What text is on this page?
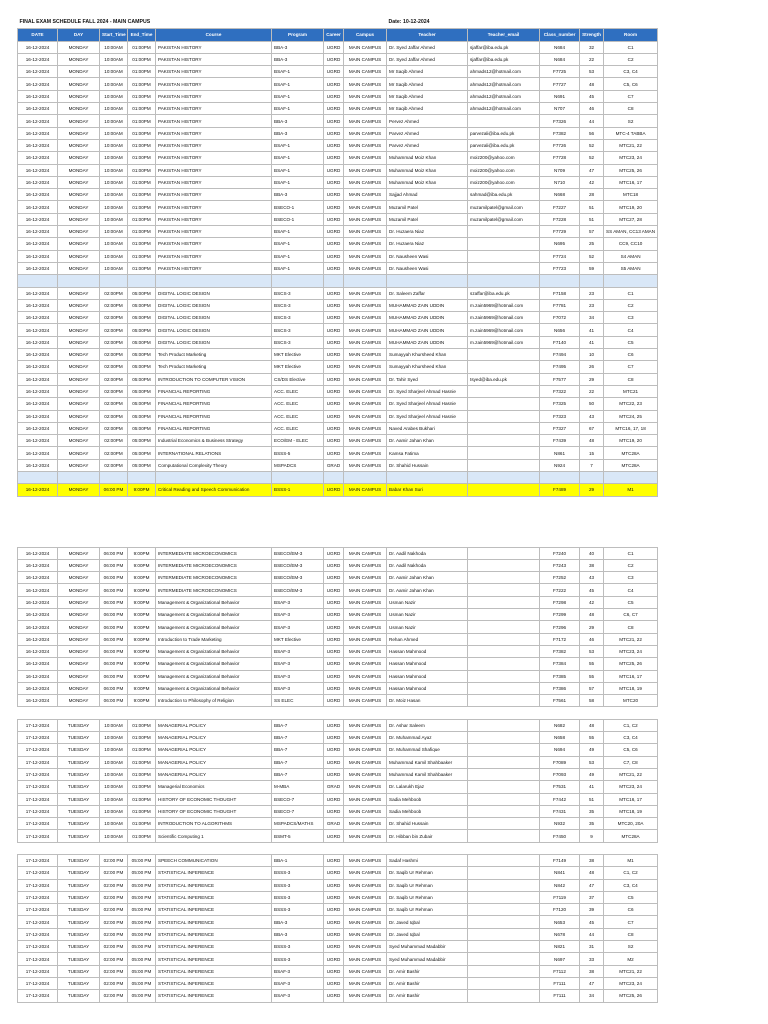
FINAL EXAM SCHEDULE FALL 2024 - MAIN CAMPUS								Date: 10-12-2024				
DATE	DAY	Start_Time	End_Time	Course	Program	Career	Campus	Teacher	Teacher_email	Class_number	Strength	Room
16-12-2024	MONDAY	10:00AM	01:00PM	PAKISTAN HISTORY	BBA-3	UGRD	MAIN CAMPUS	Dr. Syed Jaffar Ahmed	sjaffar@iba.edu.pk	N684	32	C1
16-12-2024	MONDAY	10:00AM	01:00PM	PAKISTAN HISTORY	BBA-3	UGRD	MAIN CAMPUS	Dr. Syed Jaffar Ahmed	sjaffar@iba.edu.pk	N684	22	C2
16-12-2024	MONDAY	10:00AM	01:00PM	PAKISTAN HISTORY	BSAF-1	UGRD	MAIN CAMPUS	Mr Saqib Ahmed	ahmads12@hotmail.com	F7725	53	C3, C4
16-12-2024	MONDAY	10:00AM	01:00PM	PAKISTAN HISTORY	BSAF-1	UGRD	MAIN CAMPUS	Mr Saqib Ahmed	ahmads12@hotmail.com	F7727	48	C5, C6
16-12-2024	MONDAY	10:00AM	01:00PM	PAKISTAN HISTORY	BSAF-1	UGRD	MAIN CAMPUS	Mr Saqib Ahmed	ahmads12@hotmail.com	N691	45	C7
16-12-2024	MONDAY	10:00AM	01:00PM	PAKISTAN HISTORY	BSAF-1	UGRD	MAIN CAMPUS	Mr Saqib Ahmed	ahmads12@hotmail.com	N707	46	C8
16-12-2024	MONDAY	10:00AM	01:00PM	PAKISTAN HISTORY	BBA-3	UGRD	MAIN CAMPUS	Pervez Ahmed		F7326	44	S2
16-12-2024	MONDAY	10:00AM	01:00PM	PAKISTAN HISTORY	BBA-3	UGRD	MAIN CAMPUS	Parvez Ahmed	parvezali@iba.edu.pk	F7382	56	MTC-4 TABBA
16-12-2024	MONDAY	10:00AM	01:00PM	PAKISTAN HISTORY	BSAF-1	UGRD	MAIN CAMPUS	Parvez Ahmed	parvezali@iba.edu.pk	F7726	52	MTC21, 22
16-12-2024	MONDAY	10:00AM	01:00PM	PAKISTAN HISTORY	BSAF-1	UGRD	MAIN CAMPUS	Muhammad Moiz Khan	moiz200@yahoo.com	F7728	52	MTC23, 24
16-12-2024	MONDAY	10:00AM	01:00PM	PAKISTAN HISTORY	BSAF-1	UGRD	MAIN CAMPUS	Muhammad Moiz Khan	moiz200@yahoo.com	N709	47	MTC25, 26
16-12-2024	MONDAY	10:00AM	01:00PM	PAKISTAN HISTORY	BSAF-1	UGRD	MAIN CAMPUS	Muhammad Moiz Khan	moiz200@yahoo.com	N710	42	MTC16, 17
16-12-2024	MONDAY	10:00AM	01:00PM	PAKISTAN HISTORY	BBA-3	UGRD	MAIN CAMPUS	Sajjad Ahmad	sahmad@iba.edu.pk	N668	28	MTC18
16-12-2024	MONDAY	10:00AM	01:00PM	PAKISTAN HISTORY	BSECO-1	UGRD	MAIN CAMPUS	Muzamil Patel	muzamilpatel@gmail.com	F7227	51	MTC19, 20
16-12-2024	MONDAY	10:00AM	01:00PM	PAKISTAN HISTORY	BSECO-1	UGRD	MAIN CAMPUS	Muzamil Patel	muzamilpatel@gmail.com	F7228	51	MTC27, 28
16-12-2024	MONDAY	10:00AM	01:00PM	PAKISTAN HISTORY	BSAF-1	UGRD	MAIN CAMPUS	Dr. Huzaera Niaz		F7729	57	SS AMAN, CC13 AMAN
16-12-2024	MONDAY	10:00AM	01:00PM	PAKISTAN HISTORY	BSAF-1	UGRD	MAIN CAMPUS	Dr. Huzaera Niaz		N695	25	CC9, CC10
16-12-2024	MONDAY	10:00AM	01:00PM	PAKISTAN HISTORY	BSAF-1	UGRD	MAIN CAMPUS	Dr. Nausheen Wasi		F7724	52	S4 AMAN
16-12-2024	MONDAY	10:00AM	01:00PM	PAKISTAN HISTORY	BSAF-1	UGRD	MAIN CAMPUS	Dr. Nausheen Wasi		F7723	59	S5 AMAN

16-12-2024	MONDAY	02:00PM	05:00PM	DIGITAL LOGIC DESIGN	BSCS-3	UGRD	MAIN CAMPUS	Dr. Saleem Zaffar	szaffar@iba.edu.pk	F7158	23	C1
16-12-2024	MONDAY	02:00PM	05:00PM	DIGITAL LOGIC DESIGN	BSCS-3	UGRD	MAIN CAMPUS	MUHAMMAD ZAIN UDDIN	m.zain5969@hotmail.com	F7781	23	C2
16-12-2024	MONDAY	02:00PM	05:00PM	DIGITAL LOGIC DESIGN	BSCS-3	UGRD	MAIN CAMPUS	MUHAMMAD ZAIN UDDIN	m.zain5969@hotmail.com	F7072	34	C3
16-12-2024	MONDAY	02:00PM	05:00PM	DIGITAL LOGIC DESIGN	BSCS-3	UGRD	MAIN CAMPUS	MUHAMMAD ZAIN UDDIN	m.zain5969@hotmail.com	N656	41	C4
16-12-2024	MONDAY	02:00PM	05:00PM	DIGITAL LOGIC DESIGN	BSCS-3	UGRD	MAIN CAMPUS	MUHAMMAD ZAIN UDDIN	m.zain5969@hotmail.com	F7140	41	C5
16-12-2024	MONDAY	02:00PM	05:00PM	Tech Product Marketing	MKT Elective	UGRD	MAIN CAMPUS	Sumayyah Khursheed Khan		F7494	10	C6
16-12-2024	MONDAY	02:00PM	05:00PM	Tech Product Marketing	MKT Elective	UGRD	MAIN CAMPUS	Sumayyah Khursheed Khan		F7495	26	C7
16-12-2024	MONDAY	02:00PM	05:00PM	INTRODUCTION TO COMPUTER VISION	CS/DS Elective	UGRD	MAIN CAMPUS	Dr. Tahir Syed	tsyed@iba.edu.pk	F7577	29	C8
16-12-2024	MONDAY	02:00PM	05:00PM	FINANCIAL REPORTING	ACC. ELEC	UGRD	MAIN CAMPUS	Dr. Syed Sharjeel Ahmad Hasnie		F7322	22	MTC21
16-12-2024	MONDAY	02:00PM	05:00PM	FINANCIAL REPORTING	ACC. ELEC	UGRD	MAIN CAMPUS	Dr. Syed Sharjeel Ahmad Hasnie		F7325	50	MTC22, 23
16-12-2024	MONDAY	02:00PM	05:00PM	FINANCIAL REPORTING	ACC. ELEC	UGRD	MAIN CAMPUS	Dr. Syed Sharjeel Ahmad Hasnie		F7323	43	MTC24, 25
16-12-2024	MONDAY	02:00PM	05:00PM	FINANCIAL REPORTING	ACC. ELEC	UGRD	MAIN CAMPUS	Naved Arabes Bukhari		F7327	67	MTC16, 17, 18
16-12-2024	MONDAY	02:00PM	05:00PM	Industrial Economics & Business Strategy	ECO/EM - ELEC	UGRD	MAIN CAMPUS	Dr. Aamir Jahan Khan		F7439	48	MTC19, 20
16-12-2024	MONDAY	02:00PM	05:00PM	INTERNATIONAL RELATIONS	BSSS-5	UGRD	MAIN CAMPUS	Kamsa Fatima		N861	15	MTC28A
16-12-2024	MONDAY	02:00PM	05:00PM	Computational Complexity Theory	MSPADCS	GRAD	MAIN CAMPUS	Dr. Shahid Hussain		N924	7	MTC28A

16-12-2024	MONDAY	06:00 PM	9:00PM	Critical Reading and Speech Communication	BSSS-1	UGRD	MAIN CAMPUS	Babar Khan Suri		F7489	29	M1

16-12-2024	MONDAY	06:00 PM	9:00PM	INTERMEDIATE MICROECONOMICS	BSECO/EM-3	UGRD	MAIN CAMPUS	Dr. Aadil Nakhoda		F7240	40	C1
16-12-2024	MONDAY	06:00 PM	9:00PM	INTERMEDIATE MICROECONOMICS	BSECO/EM-3	UGRD	MAIN CAMPUS	Dr. Aadil Nakhoda		F7243	38	C2
16-12-2024	MONDAY	06:00 PM	9:00PM	INTERMEDIATE MICROECONOMICS	BSECO/EM-3	UGRD	MAIN CAMPUS	Dr. Aamir Jahan Khan		F7252	43	C3
16-12-2024	MONDAY	06:00 PM	9:00PM	INTERMEDIATE MICROECONOMICS	BSECO/EM-3	UGRD	MAIN CAMPUS	Dr. Aamir Jahan Khan		F7222	45	C4
16-12-2024	MONDAY	06:00 PM	9:00PM	Management & Organizational Behavior	BSAF-3	UGRD	MAIN CAMPUS	Usman Nazir		F7298	42	C5
16-12-2024	MONDAY	06:00 PM	9:00PM	Management & Organizational Behavior	BSAF-3	UGRD	MAIN CAMPUS	Usman Nazir		F7299	48	C6, C7
16-12-2024	MONDAY	06:00 PM	9:00PM	Management & Organizational Behavior	BSAF-3	UGRD	MAIN CAMPUS	Usman Nazir		F7296	29	C8
16-12-2024	MONDAY	06:00 PM	9:00PM	Introduction to Trade Marketing	MKT Elective	UGRD	MAIN CAMPUS	Rehan Ahmed		F7172	46	MTC21, 22
16-12-2024	MONDAY	06:00 PM	9:00PM	Management & Organizational Behavior	BSAF-3	UGRD	MAIN CAMPUS	Hassan Mahmood		F7382	53	MTC23, 24
16-12-2024	MONDAY	06:00 PM	9:00PM	Management & Organizational Behavior	BSAF-3	UGRD	MAIN CAMPUS	Hassan Mahmood		F7384	55	MTC25, 26
16-12-2024	MONDAY	06:00 PM	9:00PM	Management & Organizational Behavior	BSAF-3	UGRD	MAIN CAMPUS	Hassan Mahmood		F7385	55	MTC16, 17
16-12-2024	MONDAY	06:00 PM	9:00PM	Management & Organizational Behavior	BSAF-3	UGRD	MAIN CAMPUS	Hassan Mahmood		F7386	57	MTC18, 19
16-12-2024	MONDAY	06:00 PM	9:00PM	Introduction to Philosophy of Religion	SS ELEC	UGRD	MAIN CAMPUS	Dr. Moiz Hasan		F7561	58	MTC20

17-12-2024	TUESDAY	10:00AM	01:00PM	MANAGERIAL POLICY	BBA-7	UGRD	MAIN CAMPUS	Dr. Ashar Saleem		N682	48	C1, C2
17-12-2024	TUESDAY	10:00AM	01:00PM	MANAGERIAL POLICY	BBA-7	UGRD	MAIN CAMPUS	Dr. Muhammad Ayaz		N658	55	C3, C4
17-12-2024	TUESDAY	10:00AM	01:00PM	MANAGERIAL POLICY	BBA-7	UGRD	MAIN CAMPUS	Dr. Muhammad Shafique		N694	49	C5, C6
17-12-2024	TUESDAY	10:00AM	01:00PM	MANAGERIAL POLICY	BBA-7	UGRD	MAIN CAMPUS	Muhammad Kamil Shahbaaker		F7089	53	C7, C8
17-12-2024	TUESDAY	10:00AM	01:00PM	MANAGERIAL POLICY	BBA-7	UGRD	MAIN CAMPUS	Muhammad Kamil Shahbaaker		F7093	49	MTC21, 22
17-12-2024	TUESDAY	10:00AM	01:00PM	Managerial Economics	M-MBA	GRAD	MAIN CAMPUS	Dr. Lalarukh Ejaz		F7531	41	MTC23, 24
17-12-2024	TUESDAY	10:00AM	01:00PM	HISTORY OF ECONOMIC THOUGHT	BSECO-7	UGRD	MAIN CAMPUS	Sadia Mehboob		F7442	51	MTC16, 17
17-12-2024	TUESDAY	10:00AM	01:00PM	HISTORY OF ECONOMIC THOUGHT	BSECO-7	UGRD	MAIN CAMPUS	Sadia Mehboob		F7431	35	MTC18, 19
17-12-2024	TUESDAY	10:00AM	01:00PM	INTRODUCTION TO ALGORITHMS	MSPADCS/MATHS	GRAD	MAIN CAMPUS	Dr. Shahid Hussain		N932	35	MTC20, 20A
17-12-2024	TUESDAY	10:00AM	01:00PM	Scientific Computing 1	BSMT-5	UGRD	MAIN CAMPUS	Dr. Hibban bin Zubair		F7450	9	MTC28A

17-12-2024	TUESDAY	02:00 PM	05:00 PM	SPEECH COMMUNICATION	BBA-1	UGRD	MAIN CAMPUS	Sadaf Hashmi		F7149	38	M1
17-12-2024	TUESDAY	02:00 PM	05:00 PM	STATISTICAL INFERENCE	BSSS-3	UGRD	MAIN CAMPUS	Dr. Saqib Ur Rehman		N841	48	C1, C2
17-12-2024	TUESDAY	02:00 PM	05:00 PM	STATISTICAL INFERENCE	BSSS-3	UGRD	MAIN CAMPUS	Dr. Saqib Ur Rehman		N842	47	C3, C4
17-12-2024	TUESDAY	02:00 PM	05:00 PM	STATISTICAL INFERENCE	BSSS-3	UGRD	MAIN CAMPUS	Dr. Saqib Ur Rehman		F7119	37	C5
17-12-2024	TUESDAY	02:00 PM	05:00 PM	STATISTICAL INFERENCE	BSSS-3	UGRD	MAIN CAMPUS	Dr. Saqib Ur Rehman		F7120	39	C6
17-12-2024	TUESDAY	02:00 PM	05:00 PM	STATISTICAL INFERENCE	BBA-3	UGRD	MAIN CAMPUS	Dr. Javed Iqbal		N653	45	C7
17-12-2024	TUESDAY	02:00 PM	05:00 PM	STATISTICAL INFERENCE	BBA-3	UGRD	MAIN CAMPUS	Dr. Javed Iqbal		N678	44	C8
17-12-2024	TUESDAY	02:00 PM	05:00 PM	STATISTICAL INFERENCE	BSSS-3	UGRD	MAIN CAMPUS	Syed Muhammad Madabbir		N821	31	S2
17-12-2024	TUESDAY	02:00 PM	05:00 PM	STATISTICAL INFERENCE	BSSS-3	UGRD	MAIN CAMPUS	Syed Muhammad Madabbir		N697	33	M2
17-12-2024	TUESDAY	02:00 PM	05:00 PM	STATISTICAL INFERENCE	BSAF-3	UGRD	MAIN CAMPUS	Dr. Amir Bashir		F7112	38	MTC21, 22
17-12-2024	TUESDAY	02:00 PM	05:00 PM	STATISTICAL INFERENCE	BSAF-3	UGRD	MAIN CAMPUS	Dr. Amir Bashir		F7111	47	MTC23, 24
17-12-2024	TUESDAY	02:00 PM	05:00 PM	STATISTICAL INFERENCE	BSAF-3	UGRD	MAIN CAMPUS	Dr. Amir Bashir		F7111	34	MTC25, 26
